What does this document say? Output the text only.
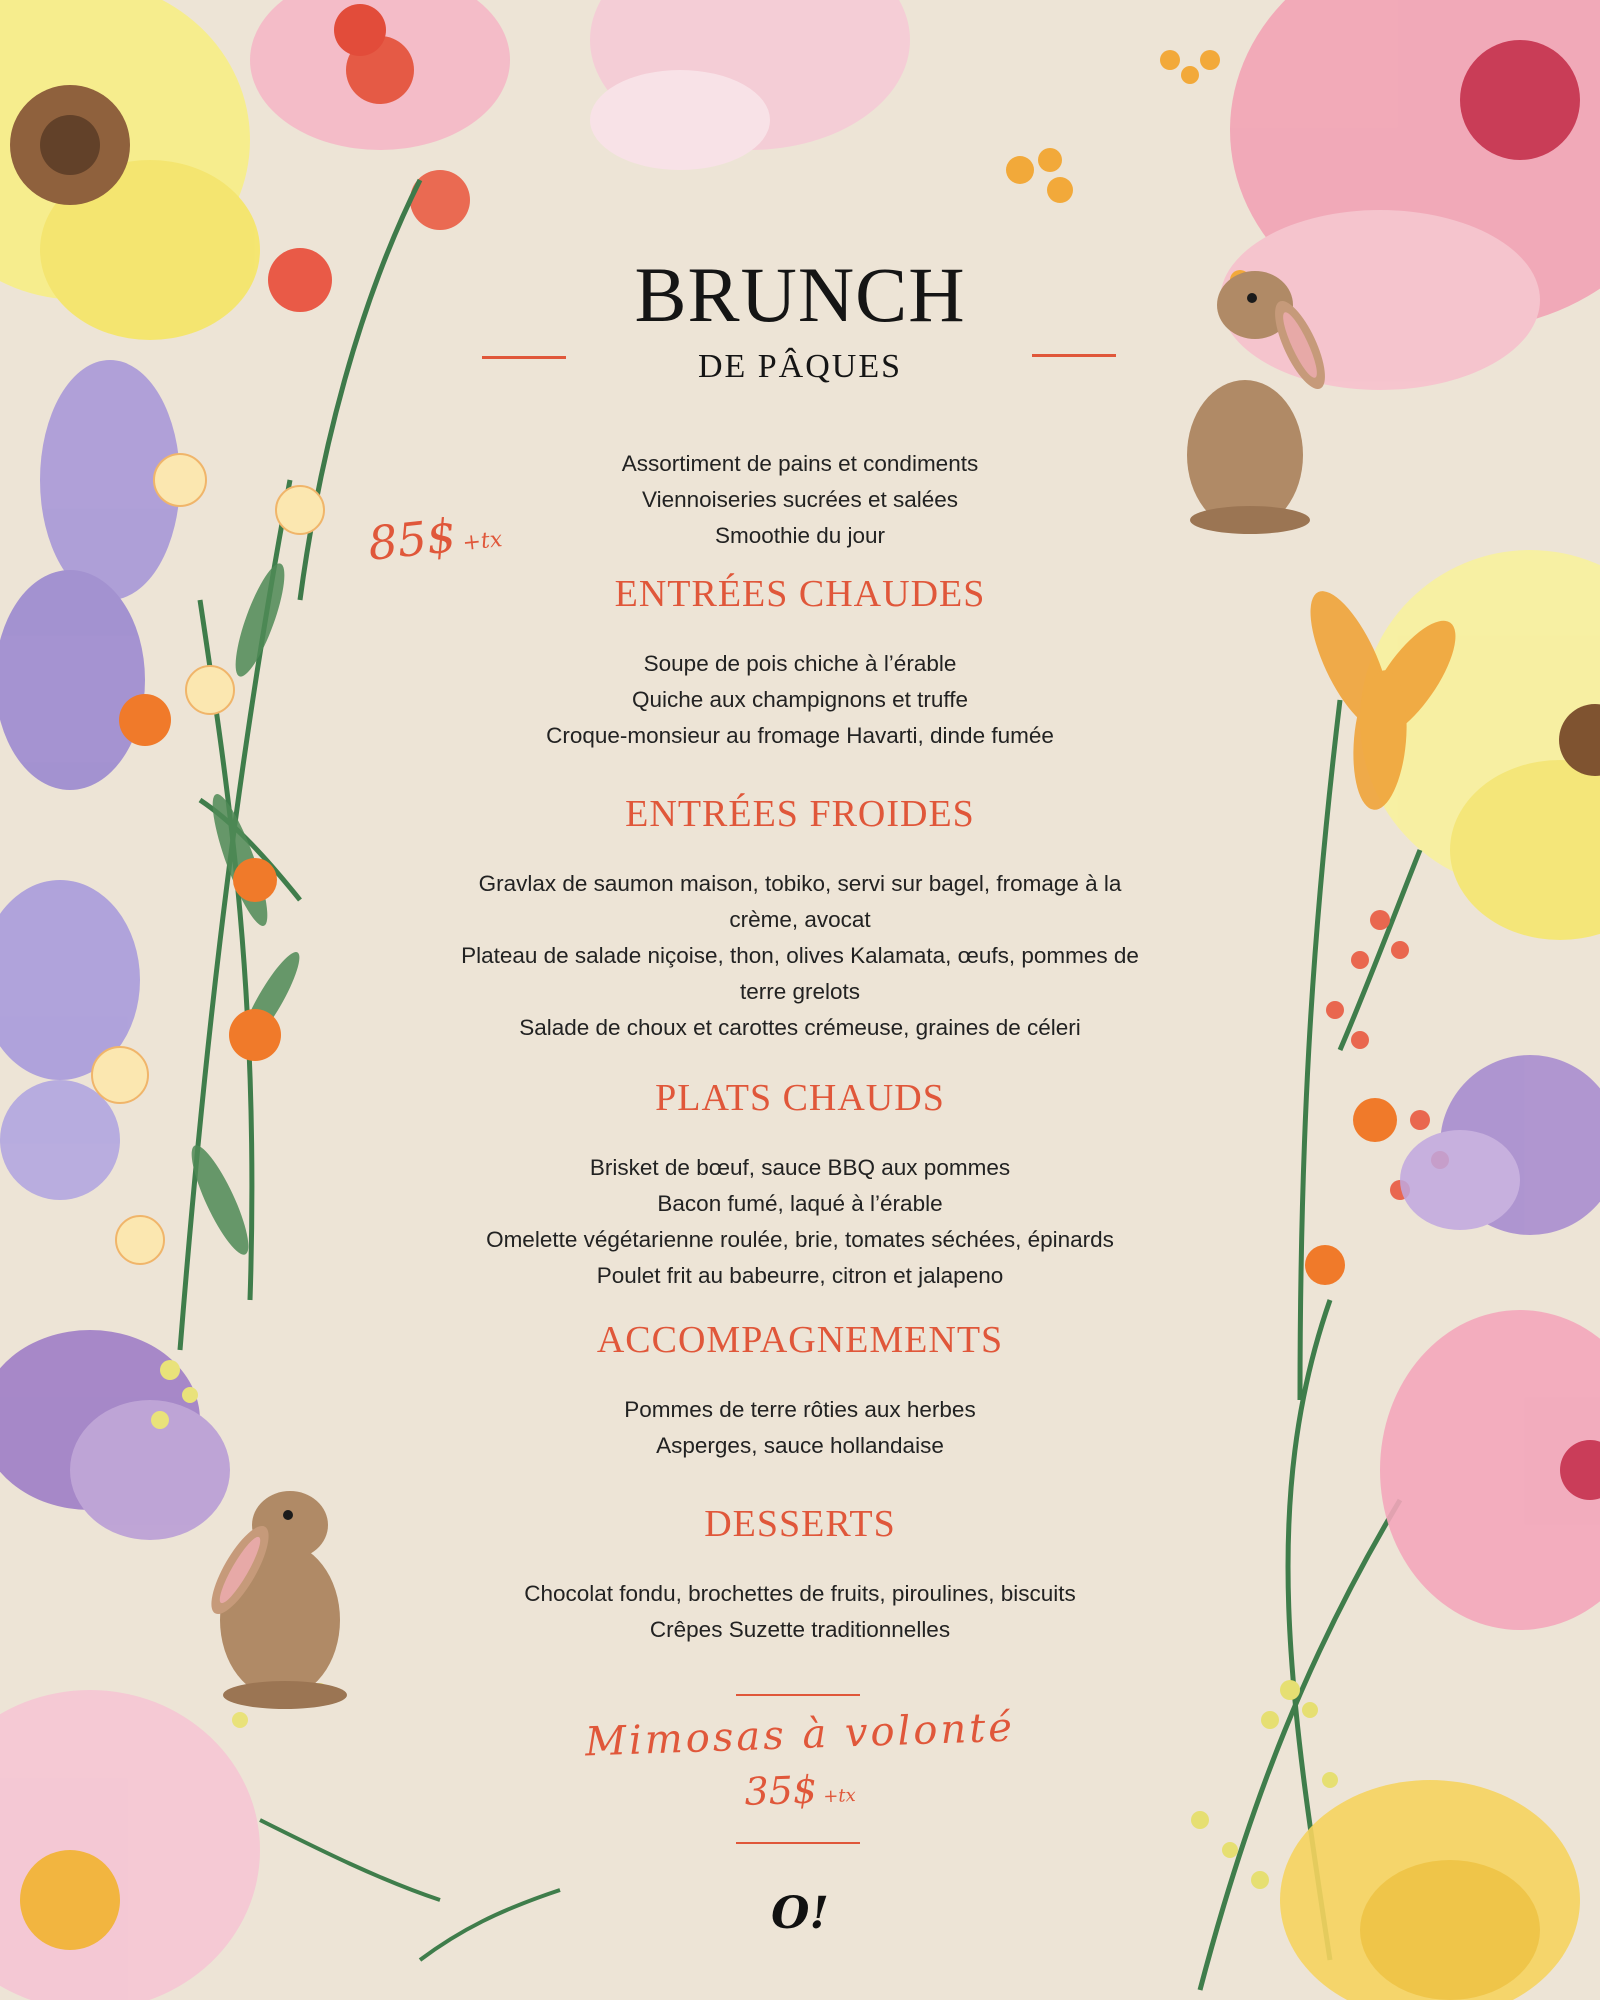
BRUNCH
DE PÂQUES
85$ +tx
Assortiment de pains et condiments
Viennoiseries sucrées et salées
Smoothie du jour
ENTRÉES CHAUDES
Soupe de pois chiche à l’érable
Quiche aux champignons et truffe
Croque-monsieur au fromage Havarti, dinde fumée
ENTRÉES FROIDES
Gravlax de saumon maison, tobiko, servi sur bagel, fromage à la
crème, avocat
Plateau de salade niçoise, thon, olives Kalamata, œufs, pommes de
terre grelots
Salade de choux et carottes crémeuse, graines de céleri
PLATS CHAUDS
Brisket de bœuf, sauce BBQ aux pommes
Bacon fumé, laqué à l’érable
Omelette végétarienne roulée, brie, tomates séchées, épinards
Poulet frit au babeurre, citron et jalapeno
ACCOMPAGNEMENTS
Pommes de terre rôties aux herbes
Asperges, sauce hollandaise
DESSERTS
Chocolat fondu, brochettes de fruits, piroulines, biscuits
Crêpes Suzette traditionnelles
Mimosas à volonté
35$ +tx
O!
